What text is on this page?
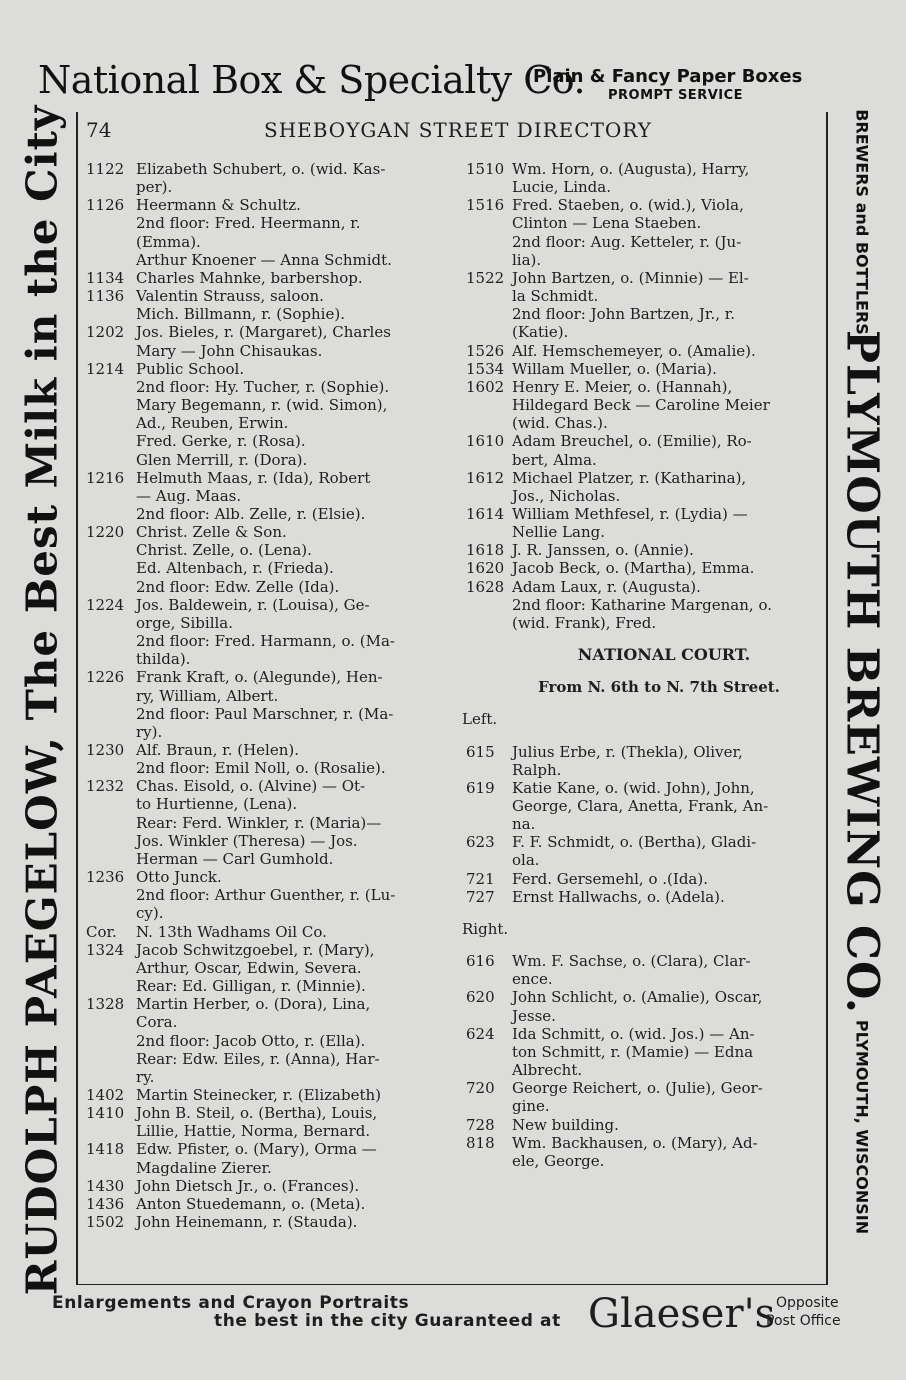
National Box & Specialty Co.
Plain & Fancy Paper Boxes
PROMPT SERVICE
RUDOLPH PAEGELOW, The Best Milk in the City	BREWERS and BOTTLERS
PLYMOUTH BREWING CO.
PLYMOUTH, WISCONSIN
74	SHEBOYGAN STREET DIRECTORY
1122 Elizabeth Schubert, o. (wid. Kas-
per).
1126 Heermann & Schultz.
2nd floor: Fred. Heermann, r.
(Emma).
Arthur Knoener — Anna Schmidt.
1134 Charles Mahnke, barbershop.
1136 Valentin Strauss, saloon.
Mich. Billmann, r. (Sophie).
1202 Jos. Bieles, r. (Margaret), Charles
Mary — John Chisaukas.
1214 Public School.
2nd floor: Hy. Tucher, r. (Sophie).
Mary Begemann, r. (wid. Simon),
Ad., Reuben, Erwin.
Fred. Gerke, r. (Rosa).
Glen Merrill, r. (Dora).
1216 Helmuth Maas, r. (Ida), Robert
— Aug. Maas.
2nd floor: Alb. Zelle, r. (Elsie).
1220 Christ. Zelle & Son.
Christ. Zelle, o. (Lena).
Ed. Altenbach, r. (Frieda).
2nd floor: Edw. Zelle (Ida).
1224 Jos. Baldewein, r. (Louisa), Ge-
orge, Sibilla.
2nd floor: Fred. Harmann, o. (Ma-
thilda).
1226 Frank Kraft, o. (Alegunde), Hen-
ry, William, Albert.
2nd floor: Paul Marschner, r. (Ma-
ry).
1230 Alf. Braun, r. (Helen).
2nd floor: Emil Noll, o. (Rosalie).
1232 Chas. Eisold, o. (Alvine) — Ot-
to Hurtienne, (Lena).
Rear: Ferd. Winkler, r. (Maria)—
Jos. Winkler (Theresa) — Jos.
Herman — Carl Gumhold.
1236 Otto Junck.
2nd floor: Arthur Guenther, r. (Lu-
cy).
Cor.	N. 13th Wadhams Oil Co.
1324 Jacob Schwitzgoebel, r. (Mary),
Arthur, Oscar, Edwin, Severa.
Rear: Ed. Gilligan, r. (Minnie).
1328 Martin Herber, o. (Dora), Lina,
Cora.
2nd floor: Jacob Otto, r. (Ella).
Rear: Edw. Eiles, r. (Anna), Har-
ry.
1402 Martin Steinecker, r. (Elizabeth)
1410 John B. Steil, o. (Bertha), Louis,
Lillie, Hattie, Norma, Bernard.
1418 Edw. Pfister, o. (Mary), Orma —
Magdaline Zierer.
1430 John Dietsch Jr., o. (Frances).
1436 Anton Stuedemann, o. (Meta).
1502 John Heinemann, r. (Stauda).
1510 Wm. Horn, o. (Augusta), Harry,
Lucie, Linda.
1516 Fred. Staeben, o. (wid.), Viola,
Clinton — Lena Staeben.
2nd floor: Aug. Ketteler, r. (Ju-
lia).
1522 John Bartzen, o. (Minnie) — El-
la Schmidt.
2nd floor: John Bartzen, Jr., r.
(Katie).
1526 Alf. Hemschemeyer, o. (Amalie).
1534 Willam Mueller, o. (Maria).
1602 Henry E. Meier, o. (Hannah),
Hildegard Beck — Caroline Meier
(wid. Chas.).
1610 Adam Breuchel, o. (Emilie), Ro-
bert, Alma.
1612 Michael Platzer, r. (Katharina),
Jos., Nicholas.
1614 William Methfesel, r. (Lydia) —
Nellie Lang.
1618 J. R. Janssen, o. (Annie).
1620 Jacob Beck, o. (Martha), Emma.
1628 Adam Laux, r. (Augusta).
2nd floor: Katharine Margenan, o.
(wid. Frank), Fred.
NATIONAL COURT.
From N. 6th to N. 7th Street.
Left.
615	Julius Erbe, r. (Thekla), Oliver,
Ralph.
619	Katie Kane, o. (wid. John), John,
George, Clara, Anetta, Frank, An-
na.
623	F. F. Schmidt, o. (Bertha), Gladi-
ola.
721	Ferd. Gersemehl, o .(Ida).
727	Ernst Hallwachs, o. (Adela).
Right.
616	Wm. F. Sachse, o. (Clara), Clar-
ence.
620	John Schlicht, o. (Amalie), Oscar,
Jesse.
624	Ida Schmitt, o. (wid. Jos.) — An-
ton Schmitt, r. (Mamie) — Edna
Albrecht.
720	George Reichert, o. (Julie), Geor-
gine.
728	New building.
818	Wm. Backhausen, o. (Mary), Ad-
ele, George.
Enlargements and Crayon Portraits
the best in the city Guaranteed at Glaeser's Opposite
Post Office
